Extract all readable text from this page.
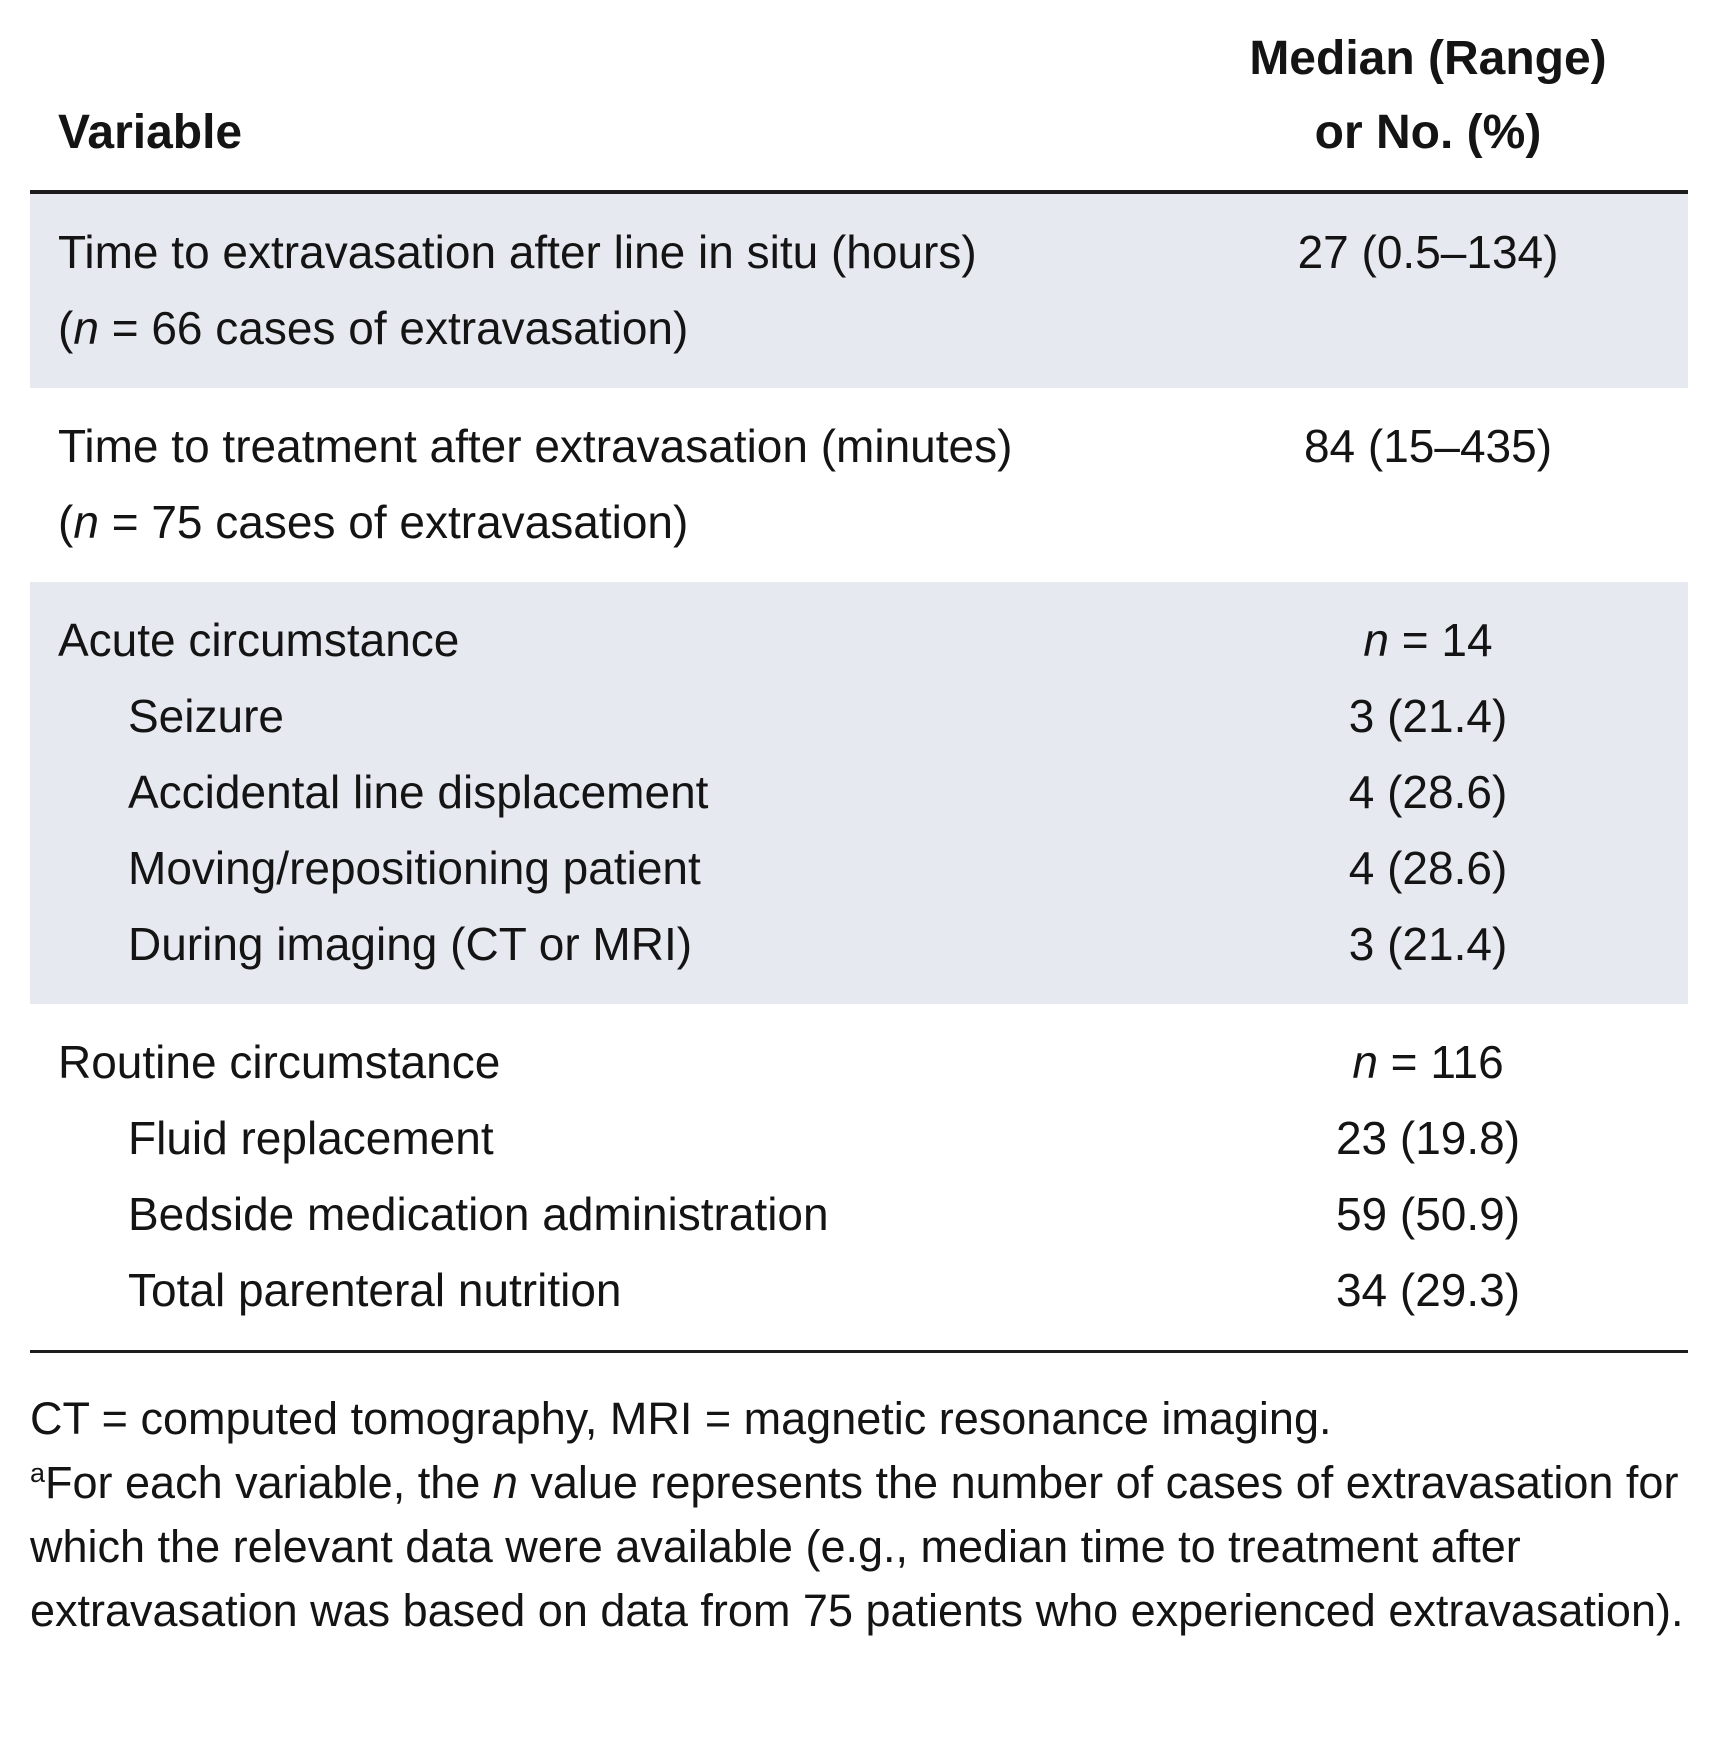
Variable
Median (Range)
or No. (%)
Time to extravasation after line in situ (hours)	27 (0.5–134)
(n = 66 cases of extravasation)
Time to treatment after extravasation (minutes)	84 (15–435)
(n = 75 cases of extravasation)
Acute circumstance	n = 14
Seizure	3 (21.4)
Accidental line displacement	4 (28.6)
Moving/repositioning patient	4 (28.6)
During imaging (CT or MRI)	3 (21.4)
Routine circumstance	n = 116
Fluid replacement	23 (19.8)
Bedside medication administration	59 (50.9)
Total parenteral nutrition	34 (29.3)
CT = computed tomography, MRI = magnetic resonance imaging.
$^a$For each variable, the n value represents the number of cases of extravasation for which the relevant data were available (e.g., median time to treatment after extravasation was based on data from 75 patients who experienced extravasation).
